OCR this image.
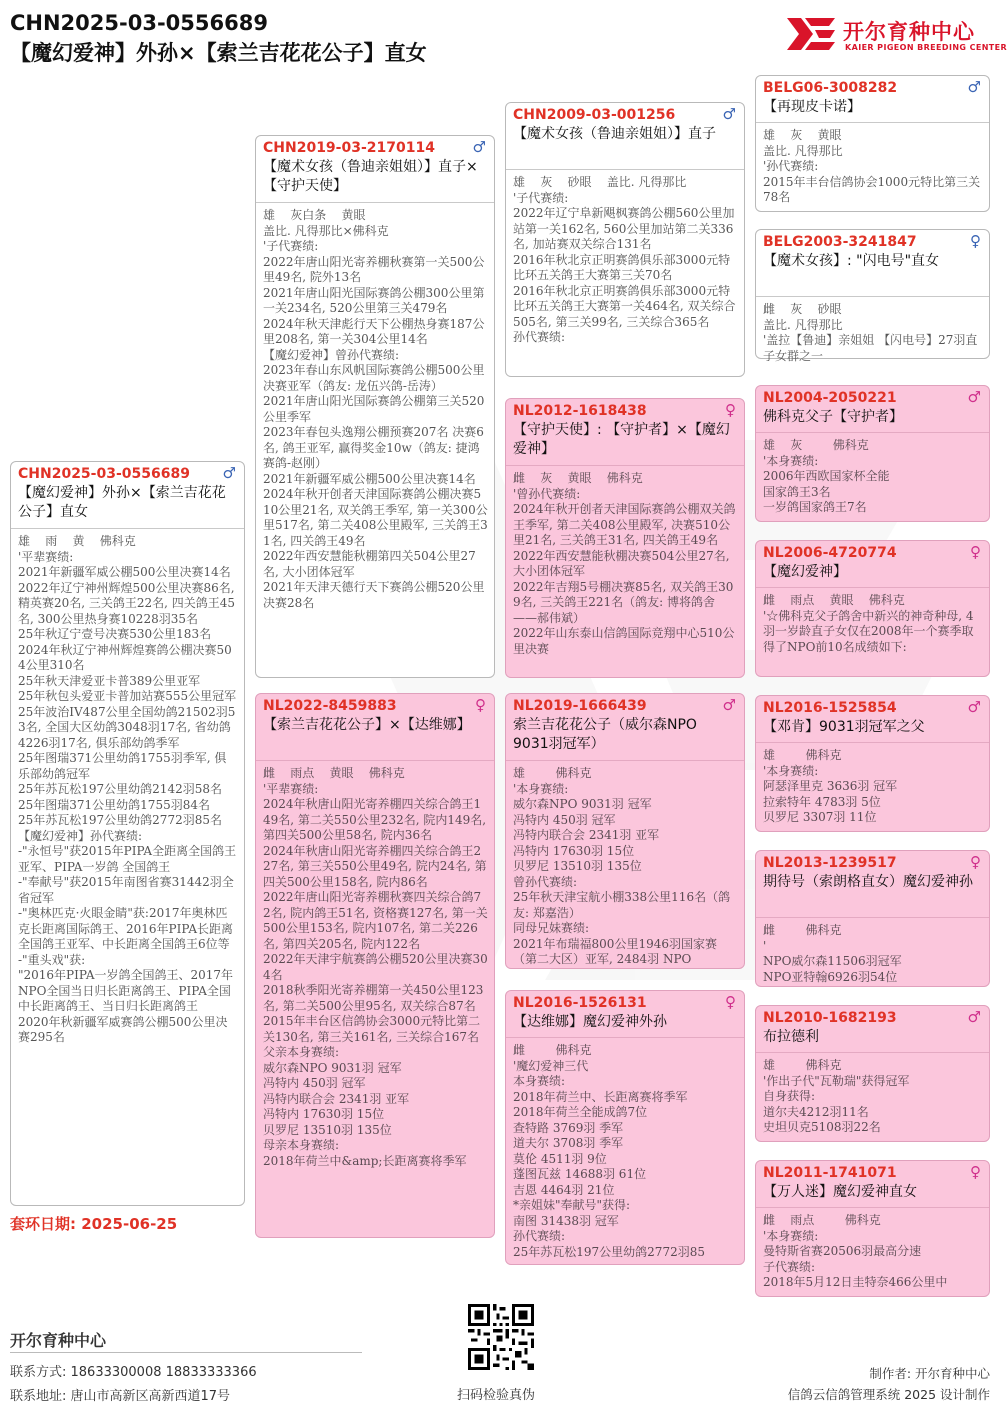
CHN2025-03-0556689
【魔幻爱神】外孙×【索兰吉花花公子】直女
开尔育种中心
KAIER PIGEON BREEDING CENTER
CHN2025-03-0556689 ♂
【魔幻爱神】外孙×【索兰吉花花公子】直女
雄    雨    黄    佛科克
'平辈赛绩:
2021年新疆军威公棚500公里决赛14名
2022年辽宁神州辉煌500公里决赛86名, 精英赛20名, 三关鸽王22名, 四关鸽王45名, 300公里热身赛10228羽35名
25年秋辽宁壹号决赛530公里183名
2024年秋辽宁神州辉煌赛鸽公棚决赛504公里310名
25年秋天津爱亚卡普389公里亚军
25年秋包头爱亚卡普加站赛555公里冠军
25年波治IV487公里全国幼鸽21502羽53名, 全国大区幼鸽3048羽17名, 省幼鸽4226羽17名, 俱乐部幼鸽季军
25年图瑞371公里幼鸽1755羽季军, 俱乐部幼鸽冠军
25年苏瓦松197公里幼鸽2142羽58名
25年图瑞371公里幼鸽1755羽84名
25年苏瓦松197公里幼鸽2772羽85名
【魔幻爱神】孙代赛绩:
-"永恒号"获2015年PIPA全距离全国鸽王亚军、PIPA一岁鸽 全国鸽王
-"奉献号"获2015年南图省赛31442羽全省冠军
-"奥林匹克·火眼金睛"获:2017年奥林匹克长距离国际鸽王、2016年PIPA长距离全国鸽王亚军、中长距离全国鸽王6位等
-"重头戏"获:
"2016年PIPA一岁鸽全国鸽王、2017年NPO全国当日归长距离鸽王、PIPA全国中长距离鸽王、当日归长距离鸽王
2020年秋新疆军威赛鸽公棚500公里决赛295名
CHN2019-03-2170114	♂
【魔术女孩（鲁迪亲姐姐）】直子×【守护天使】
雄    灰白条    黄眼
盖比. 凡得那比×佛科克
'子代赛绩:
2022年唐山阳光寄养棚秋赛第一关500公里49名, 院外13名
2021年唐山阳光国际赛鸽公棚300公里第一关234名, 520公里第三关479名
2024年秋天津彪行天下公棚热身赛187公里208名, 第一关304公里14名
【魔幻爱神】曾孙代赛绩:
2023年春山东风帆国际赛鸽公棚500公里决赛亚军（鸽友: 龙伍兴鸽-岳涛）
2021年唐山阳光国际赛鸽公棚第三关520公里季军
2023年春包头逸翔公棚预赛207名 决赛6名, 鸽王亚军, 赢得奖金10w（鸽友: 捷鸿赛鸽-赵刚）
2021年新疆军威公棚500公里决赛14名
2024年秋开创者天津国际赛鸽公棚决赛510公里21名, 双关鸽王季军, 第一关300公里517名, 第二关408公里殿军, 三关鸽王31名, 四关鸽王49名
2022年西安慧能秋棚第四关504公里27名, 大小团体冠军
2021年天津天德行天下赛鸽公棚520公里决赛28名
NL2022-8459883	♀
【索兰吉花花公子】×【达维娜】
雌    雨点    黄眼    佛科克
'平辈赛绩:
2024年秋唐山阳光寄养棚四关综合鸽王149名, 第二关550公里232名, 院内149名, 第四关500公里58名, 院内36名
2024年秋唐山阳光寄养棚四关综合鸽王227名, 第三关550公里49名, 院内24名, 第四关500公里158名, 院内86名
2022年唐山阳光寄养棚秋赛四关综合鸽72名, 院内鸽王51名, 资格赛127名, 第一关500公里153名, 院内107名, 第二关226名, 第四关205名, 院内122名
2022年天津宇航赛鸽公棚520公里决赛304名
2018秋季阳光寄养棚第一关450公里123名, 第二关500公里95名, 双关综合87名
2015年丰台区信鸽协会3000元特比第二关130名, 第三关161名, 三关综合167名
父亲本身赛绩:
威尔森NPO 9031羽 冠军
冯特内 450羽 冠军
冯特内联合会 2341羽 亚军
冯特内 17630羽 15位
贝罗尼 13510羽 135位
母亲本身赛绩:
2018年荷兰中&amp;长距离赛将季军
CHN2009-03-001256	♂
【魔术女孩（鲁迪亲姐姐）】直子
雄    灰    砂眼    盖比. 凡得那比
'子代赛绩:
2022年辽宁阜新飓枫赛鸽公棚560公里加站第一关162名, 560公里加站第二关336名, 加站赛双关综合131名
2016年秋北京正明赛鸽俱乐部3000元特比环五关鸽王大赛第三关70名
2016年秋北京正明赛鸽俱乐部3000元特比环五关鸽王大赛第一关464名, 双关综合505名, 第三关99名, 三关综合365名
孙代赛绩:
NL2012-1618438	♀
【守护天使】: 【守护者】×【魔幻爱神】
雌    灰    黄眼    佛科克
'曾孙代赛绩:
2024年秋开创者天津国际赛鸽公棚双关鸽王季军, 第二关408公里殿军, 决赛510公里21名, 三关鸽王31名, 四关鸽王49名
2022年西安慧能秋棚决赛504公里27名, 大小团体冠军
2022年吉翔5号棚决赛85名, 双关鸽王309名, 三关鸽王221名（鸽友: 博将鸽舍——郝伟斌）
2022年山东泰山信鸽国际竞翔中心510公里决赛
NL2019-1666439	♂
索兰吉花花公子（威尔森NPO 9031羽冠军）
雄        佛科克
'本身赛绩:
威尔森NPO 9031羽 冠军
冯特内 450羽 冠军
冯特内联合会 2341羽 亚军
冯特内 17630羽 15位
贝罗尼 13510羽 135位
曾孙代赛绩:
25年秋天津宝航小棚338公里116名（鸽友: 郑嘉浩）
同母兄妹赛绩:
2021年布瑞福800公里1946羽国家赛（第二大区）亚军, 2484羽 NPO
NL2016-1526131	♀
【达维娜】魔幻爱神外孙
雌        佛科克
'魔幻爱神三代
本身赛绩:
2018年荷兰中、长距离赛将季军
2018年荷兰全能成鸽7位
查特路 3769羽 季军
道夫尔 3708羽 季军
莫伦 4511羽 9位
蓬图瓦兹 14688羽 61位
吉恩 4464羽 21位
*亲姐妹"奉献号"获得:
南图 31438羽 冠军
孙代赛绩:
25年苏瓦松197公里幼鸽2772羽85
BELG06-3008282	♂
【再现皮卡诺】
雄    灰    黄眼
盖比. 凡得那比
'孙代赛绩:
2015年丰台信鸽协会1000元特比第三关78名
BELG2003-3241847	♀
【魔术女孩】: "闪电号"直女
雌    灰    砂眼
盖比. 凡得那比
'盖拉【鲁迪】亲姐姐 【闪电号】27羽直子女群之一
NL2004-2050221	♂
佛科克父子【守护者】
雄    灰        佛科克
'本身赛绩:
2006年西欧国家杯全能
国家鸽王3名
一岁鸽国家鸽王7名
NL2006-4720774	♀
【魔幻爱神】
雌    雨点    黄眼    佛科克
'☆佛科克父子鸽舍中新兴的神奇种母, 4羽一岁龄直子女仅在2008年一个赛季取得了NPO前10名成绩如下:
NL2016-1525854	♂
【邓肯】9031羽冠军之父
雄        佛科克
'本身赛绩:
阿瑟泽里克 3636羽 冠军
拉索特年 4783羽 5位
贝罗尼 3307羽 11位
NL2013-1239517	♀
期待号（索朗格直女）魔幻爱神孙
雌        佛科克
'
NPO威尔森11506羽冠军
NPO亚特翰6926羽54位
NL2010-1682193	♂
布拉德利
雄        佛科克
'作出子代"瓦勒瑞"获得冠军
自身获得:
道尔夫4212羽11名
史坦贝克5108羽22名
NL2011-1741071	♀
【万人迷】魔幻爱神直女
雌    雨点        佛科克
'本身赛绩:
曼特斯省赛20506羽最高分速
子代赛绩:
2018年5月12日圭特奈466公里中
套环日期: 2025-06-25
开尔育种中心
联系方式: 18633300008 18833333366
联系地址: 唐山市高新区高新西道17号	扫码检验真伪
制作者: 开尔育种中心
信鸽云信鸽管理系统 2025 设计制作
